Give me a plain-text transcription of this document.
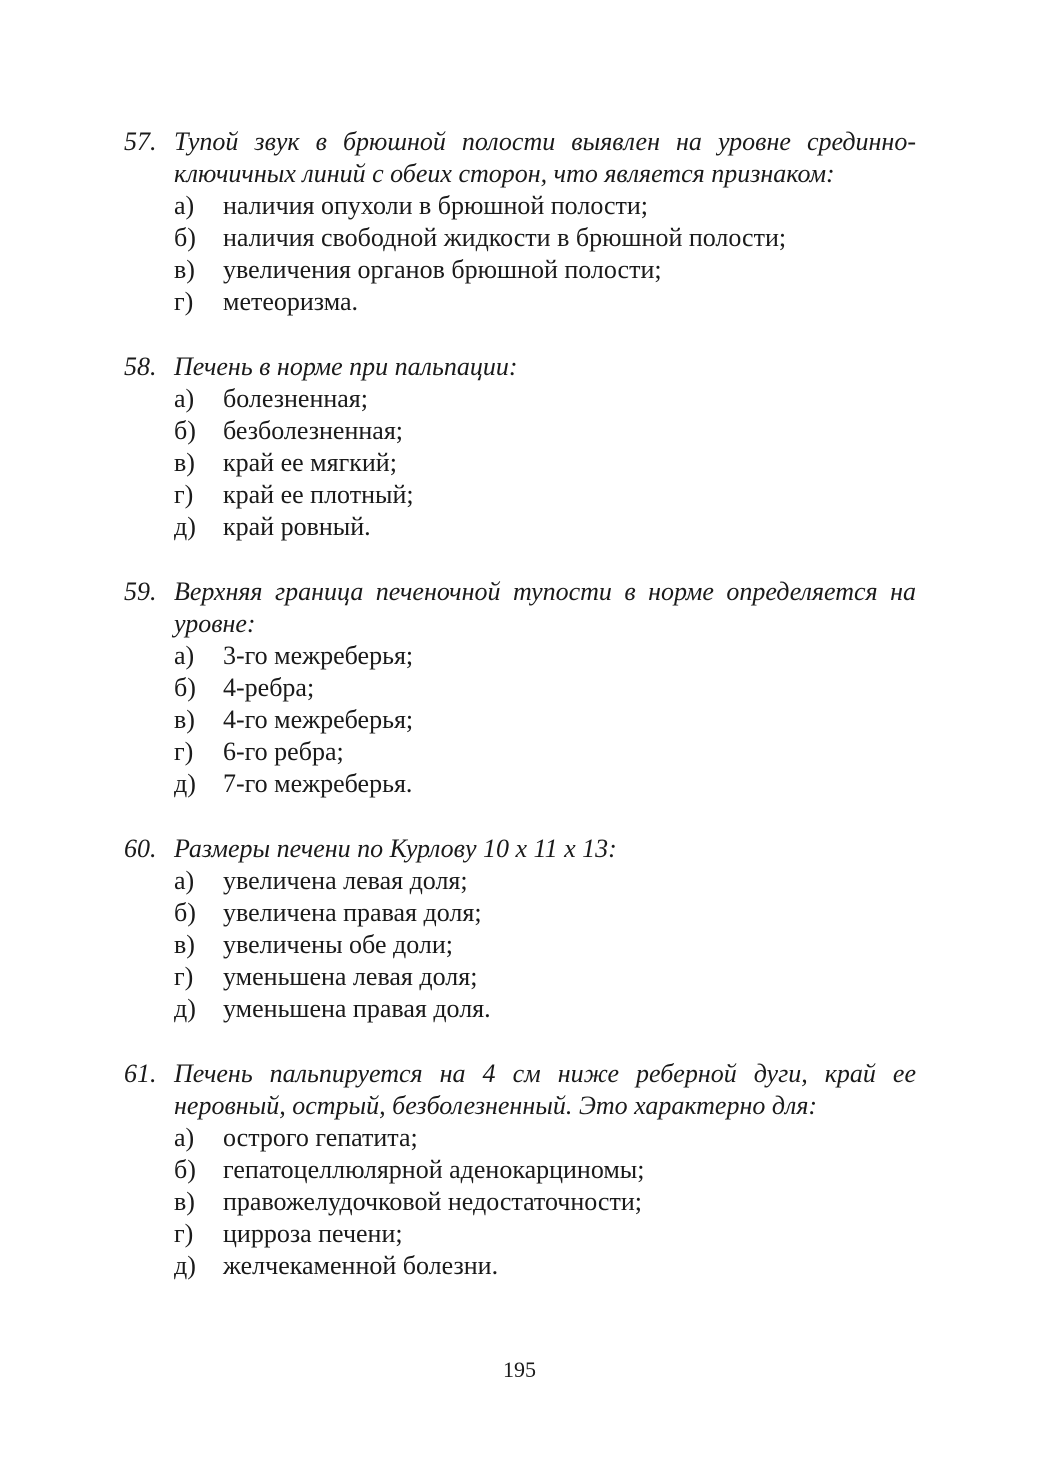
57. Тупой звук в брюшной полости выявлен на уровне срединно-ключичных линий с обеих сторон, что является признаком:
а)	наличия опухоли в брюшной полости;
б)	наличия свободной жидкости в брюшной полости;
в)	увеличения органов брюшной полости;
г)	метеоризма.
58. Печень в норме при пальпации:
а)	болезненная;
б)	безболезненная;
в)	край ее мягкий;
г)	край ее плотный;
д)	край ровный.
59. Верхняя граница печеночной тупости в норме определяется на уровне:
а)	3-го межреберья;
б)	4-ребра;
в)	4-го межреберья;
г)	6-го ребра;
д)	7-го межреберья.
60. Размеры печени по Курлову 10 х 11 х 13:
а)	увеличена левая доля;
б)	увеличена правая доля;
в)	увеличены обе доли;
г)	уменьшена левая доля;
д)	уменьшена правая доля.
61. Печень пальпируется на 4 см ниже реберной дуги, край ее неровный, острый, безболезненный. Это характерно для:
а)	острого гепатита;
б)	гепатоцеллюлярной аденокарциномы;
в)	правожелудочковой недостаточности;
г)	цирроза печени;
д)	желчекаменной болезни.
195
